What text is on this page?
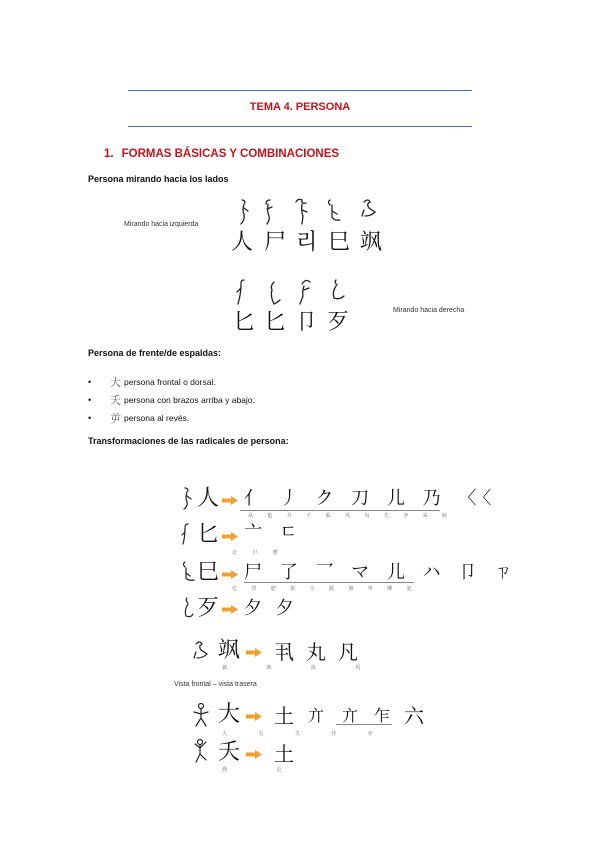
TEMA 4. PERSONA
1. FORMAS BÁSICAS Y COMBINACIONES
Persona mirando hacia los lados
Mirando hacia izquierda
人 尸 리 巳 飒
Mirando hacia derecha
匕 匕 卩 歹
Persona de frente/de espaldas:
•	大 persona frontal o dorsal.
•	夭 persona con brazos arriba y abajo.
•	屰 persona al revés.
Transformaciones de las radicales de persona:
人 亻 丿 ク 刀 儿 乃 〈〈
从	毡	并	千	临	风	匃	先	争	采	脉
匕 亠 ㄷ
北	卢	舊
巳 尸 了 乛 マ 儿 ハ 卩 ㄗ
危	印	肥	象	令	阪	卵	卑	卿	犯
歹 夕 夕
飒 丮 丸 凡
孰	執	执	巩
Vista frontal – vista trasera
大 土 亣 亣 乍 六
大	尖	夫	挂	亦
夭 土
喬	走
